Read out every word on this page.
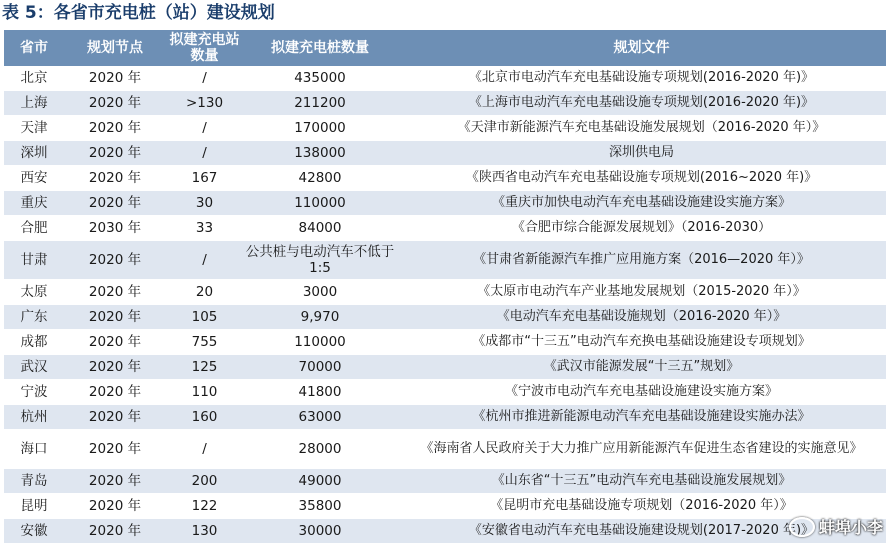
表 5：各省市充电桩（站）建设规划
省市	规划节点	拟建充电站数量	拟建充电桩数量	规划文件
北京	2020 年	/	435000	《北京市电动汽车充电基础设施专项规划(2016-2020 年)》
上海	2020 年	>130	211200	《上海市电动汽车充电基础设施专项规划(2016-2020 年)》
天津	2020 年	/	170000	《天津市新能源汽车充电基础设施发展规划（2016-2020 年）》
深圳	2020 年	/	138000	深圳供电局
西安	2020 年	167	42800	《陕西省电动汽车充电基础设施专项规划(2016~2020 年)》
重庆	2020 年	30	110000	《重庆市加快电动汽车充电基础设施建设实施方案》
合肥	2030 年	33	84000	《合肥市综合能源发展规划》（2016-2030）
甘肃	2020 年	/	公共桩与电动汽车不低于 1:5	《甘肃省新能源汽车推广应用施方案（2016—2020 年）》
太原	2020 年	20	3000	《太原市电动汽车产业基地发展规划（2015-2020 年）》
广东	2020 年	105	9,970	《电动汽车充电基础设施规划（2016-2020 年）》
成都	2020 年	755	110000	《成都市“十三五”电动汽车充换电基础设施建设专项规划》
武汉	2020 年	125	70000	《武汉市能源发展“十三五”规划》
宁波	2020 年	110	41800	《宁波市电动汽车充电基础设施建设实施方案》
杭州	2020 年	160	63000	《杭州市推进新能源电动汽车充电基础设施建设实施办法》
海口	2020 年	/	28000	《海南省人民政府关于大力推广应用新能源汽车促进生态省建设的实施意见》
青岛	2020 年	200	49000	《山东省“十三五”电动汽车充电基础设施发展规划》
昆明	2020 年	122	35800	《昆明市充电基础设施专项规划（2016-2020 年）》
安徽	2020 年	130	30000	《安徽省电动汽车充电基础设施建设规划(2017-2020 年)》 蚌埠小李
